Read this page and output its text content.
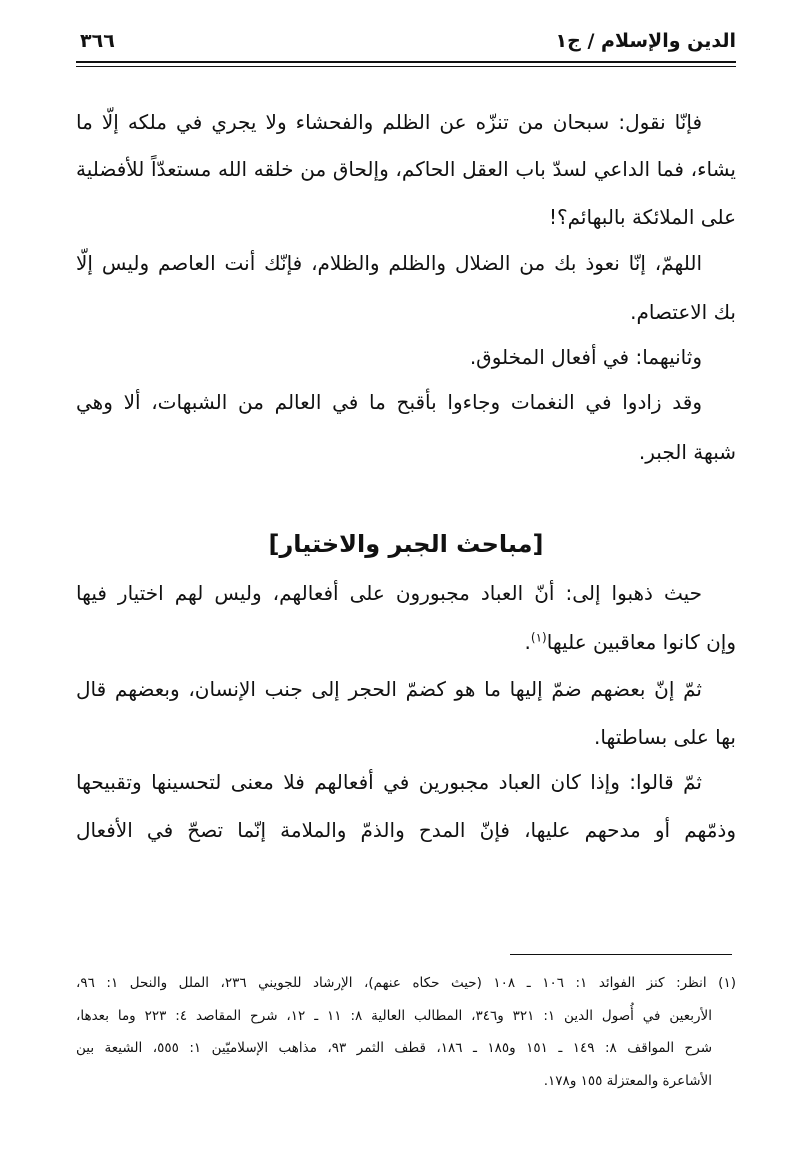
٣٦٦	الدين والإسلام / ج١
فإنّا نقول: سبحان من تنزّه عن الظلم والفحشاء ولا يجري في ملكه إلّا ما
يشاء، فما الداعي لسدّ باب العقل الحاكم، وإلحاق من خلقه الله مستعدّاً للأفضلية
على الملائكة بالبهائم؟!
اللهمّ، إنّا نعوذ بك من الضلال والظلم والظلام، فإنّك أنت العاصم وليس إلّا
بك الاعتصام.
وثانيهما: في أفعال المخلوق.
وقد زادوا في النغمات وجاءوا بأقبح ما في العالم من الشبهات، ألا وهي
شبهة الجبر.
[مباحث الجبر والاختيار]
حيث ذهبوا إلى: أنّ العباد مجبورون على أفعالهم، وليس لهم اختيار فيها
وإن كانوا معاقبين عليها$^{(١)}$.
ثمّ إنّ بعضهم ضمّ إليها ما هو كضمّ الحجر إلى جنب الإنسان، وبعضهم قال
بها على بساطتها.
ثمّ قالوا: وإذا كان العباد مجبورين في أفعالهم فلا معنى لتحسينها وتقبيحها
وذمّهم أو مدحهم عليها، فإنّ المدح والذمّ والملامة إنّما تصحّ في الأفعال
(١) انظر: كنز الفوائد ١: ١٠٦ ـ ١٠٨ (حيث حكاه عنهم)، الإرشاد للجويني ٢٣٦، الملل والنحل ١: ٩٦،
الأربعين في أُصول الدين ١: ٣٢١ و٣٤٦، المطالب العالية ٨: ١١ ـ ١٢، شرح المقاصد ٤: ٢٢٣ وما بعدها،
شرح المواقف ٨: ١٤٩ ـ ١٥١ و١٨٥ ـ ١٨٦، قطف الثمر ٩٣، مذاهب الإسلاميّين ١: ٥٥٥، الشيعة بين
الأشاعرة والمعتزلة ١٥٥ و١٧٨.
